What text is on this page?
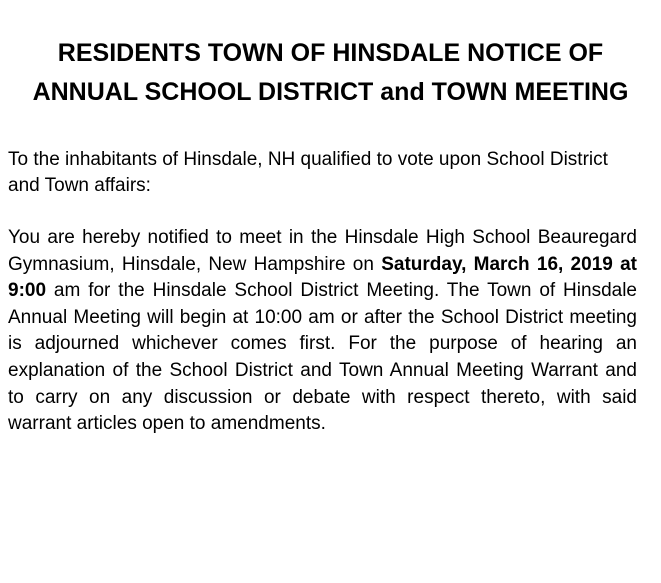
RESIDENTS TOWN OF HINSDALE NOTICE OF ANNUAL SCHOOL DISTRICT and TOWN MEETING

To the inhabitants of Hinsdale, NH qualified to vote upon School District and Town affairs:

You are hereby notified to meet in the Hinsdale High School Beauregard Gymnasium, Hinsdale, New Hampshire on Saturday, March 16, 2019 at 9:00 am for the Hinsdale School District Meeting. The Town of Hinsdale Annual Meeting will begin at 10:00 am or after the School District meeting is adjourned whichever comes first. For the purpose of hearing an explanation of the School District and Town Annual Meeting Warrant and to carry on any discussion or debate with respect thereto, with said warrant articles open to amendments.
